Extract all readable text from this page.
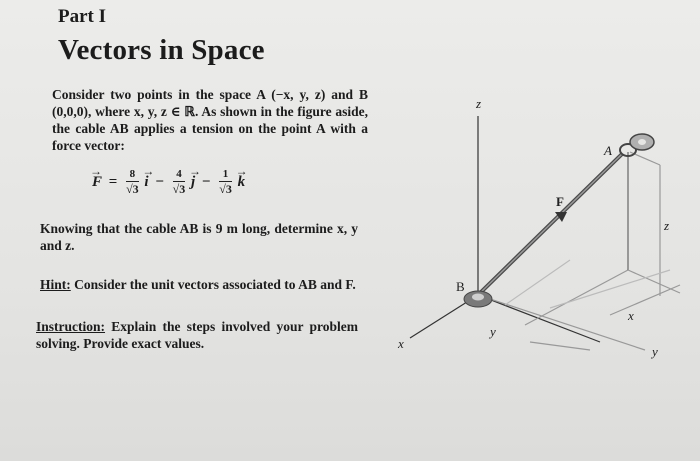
Part I
Vectors in Space
Consider two points in the space A (−x, y, z) and B (0,0,0), where x, y, z ∈ ℝ. As shown in the figure aside, the cable AB applies a tension on the point A with a force vector:
→ $F = \frac{8}{√3}$
→ $i - \frac{4}{√3}$
→ $j - \frac{1}{√3}$
→ k
Knowing that the cable AB is 9 m long, determine x, y and z.
Hint: Consider the unit vectors associated to AB and F.
Instruction: Explain the steps involved your problem solving. Provide exact values.
z
A
F
B
x
y
z
x
y
